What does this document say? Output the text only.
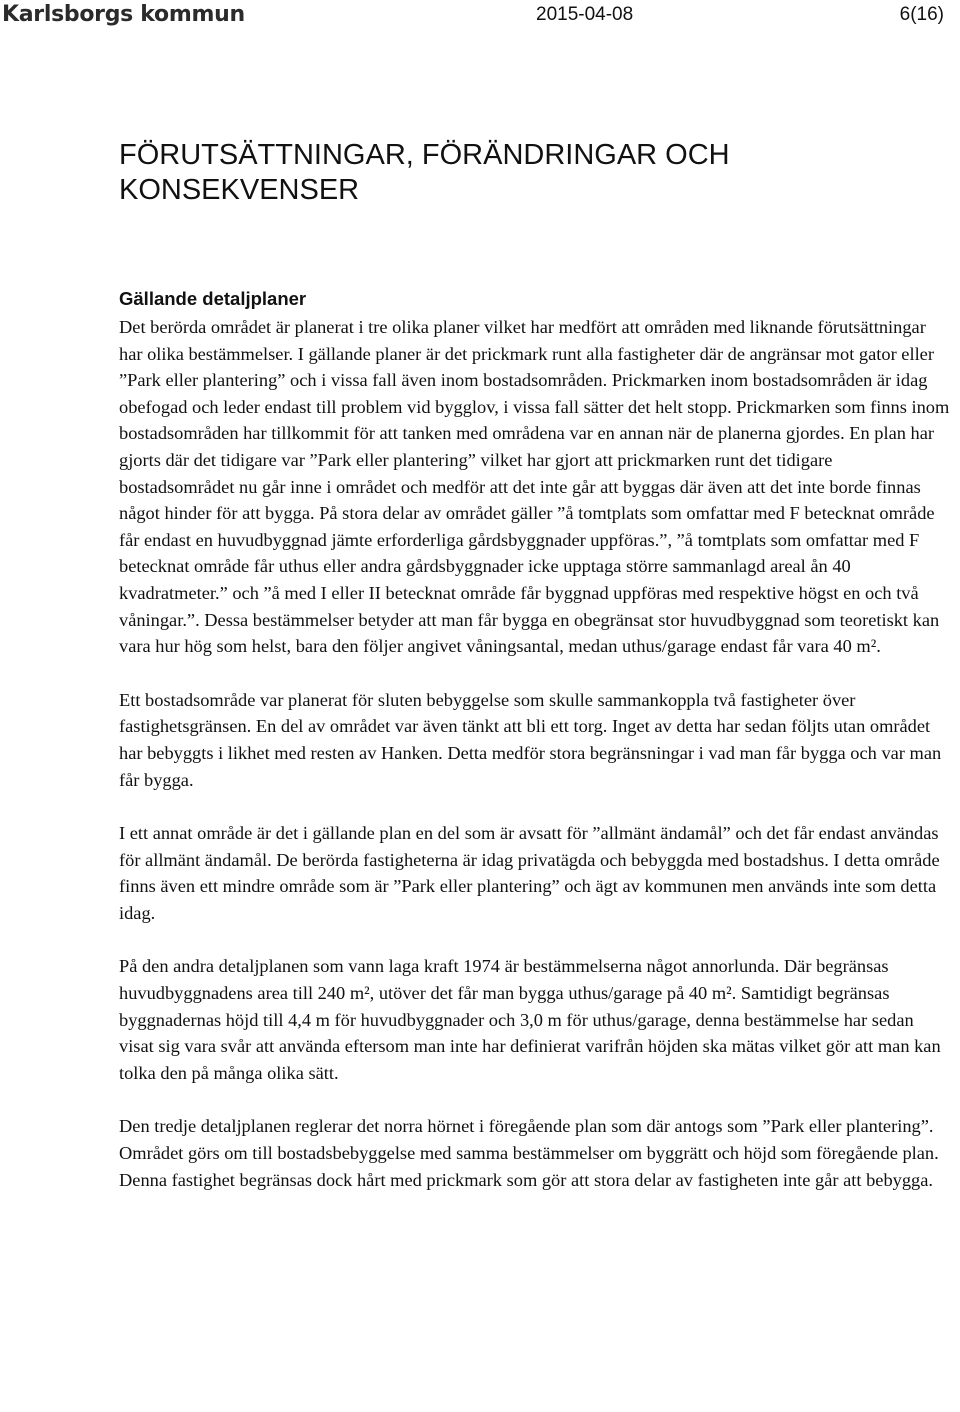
Karlsborgs kommun	2015-04-08	6(16)
FÖRUTSÄTTNINGAR, FÖRÄNDRINGAR OCH KONSEKVENSER
Gällande detaljplaner

Det berörda området är planerat i tre olika planer vilket har medfört att områden med liknande förutsättningar har olika bestämmelser. I gällande planer är det prickmark runt alla fastigheter där de angränsar mot gator eller ”Park eller plantering” och i vissa fall även inom bostadsområden. Prickmarken inom bostadsområden är idag obefogad och leder endast till problem vid bygglov, i vissa fall sätter det helt stopp. Prickmarken som finns inom bostadsområden har tillkommit för att tanken med områdena var en annan när de planerna gjordes. En plan har gjorts där det tidigare var ”Park eller plantering” vilket har gjort att prickmarken runt det tidigare bostadsområdet nu går inne i området och medför att det inte går att byggas där även att det inte borde finnas något hinder för att bygga. På stora delar av området gäller ”å tomtplats som omfattar med F betecknat område får endast en huvudbyggnad jämte erforderliga gårdsbyggnader uppföras.”, ”å tomtplats som omfattar med F betecknat område får uthus eller andra gårdsbyggnader icke upptaga större sammanlagd areal ån 40 kvadratmeter.” och ”å med I eller II betecknat område får byggnad uppföras med respektive högst en och två våningar.”. Dessa bestämmelser betyder att man får bygga en obegränsat stor huvudbyggnad som teoretiskt kan vara hur hög som helst, bara den följer angivet våningsantal, medan uthus/garage endast får vara 40 m².

Ett bostadsområde var planerat för sluten bebyggelse som skulle sammankoppla två fastigheter över fastighetsgränsen. En del av området var även tänkt att bli ett torg. Inget av detta har sedan följts utan området har bebyggts i likhet med resten av Hanken. Detta medför stora begränsningar i vad man får bygga och var man får bygga.

I ett annat område är det i gällande plan en del som är avsatt för ”allmänt ändamål” och det får endast användas för allmänt ändamål. De berörda fastigheterna är idag privatägda och bebyggda med bostadshus. I detta område finns även ett mindre område som är ”Park eller plantering” och ägt av kommunen men används inte som detta idag.

På den andra detaljplanen som vann laga kraft 1974 är bestämmelserna något annorlunda. Där begränsas huvudbyggnadens area till 240 m², utöver det får man bygga uthus/garage på 40 m². Samtidigt begränsas byggnadernas höjd till 4,4 m för huvudbyggnader och 3,0 m för uthus/garage, denna bestämmelse har sedan visat sig vara svår att använda eftersom man inte har definierat varifrån höjden ska mätas vilket gör att man kan tolka den på många olika sätt.

Den tredje detaljplanen reglerar det norra hörnet i föregående plan som där antogs som ”Park eller plantering”. Området görs om till bostadsbebyggelse med samma bestämmelser om byggrätt och höjd som föregående plan. Denna fastighet begränsas dock hårt med prickmark som gör att stora delar av fastigheten inte går att bebygga.
